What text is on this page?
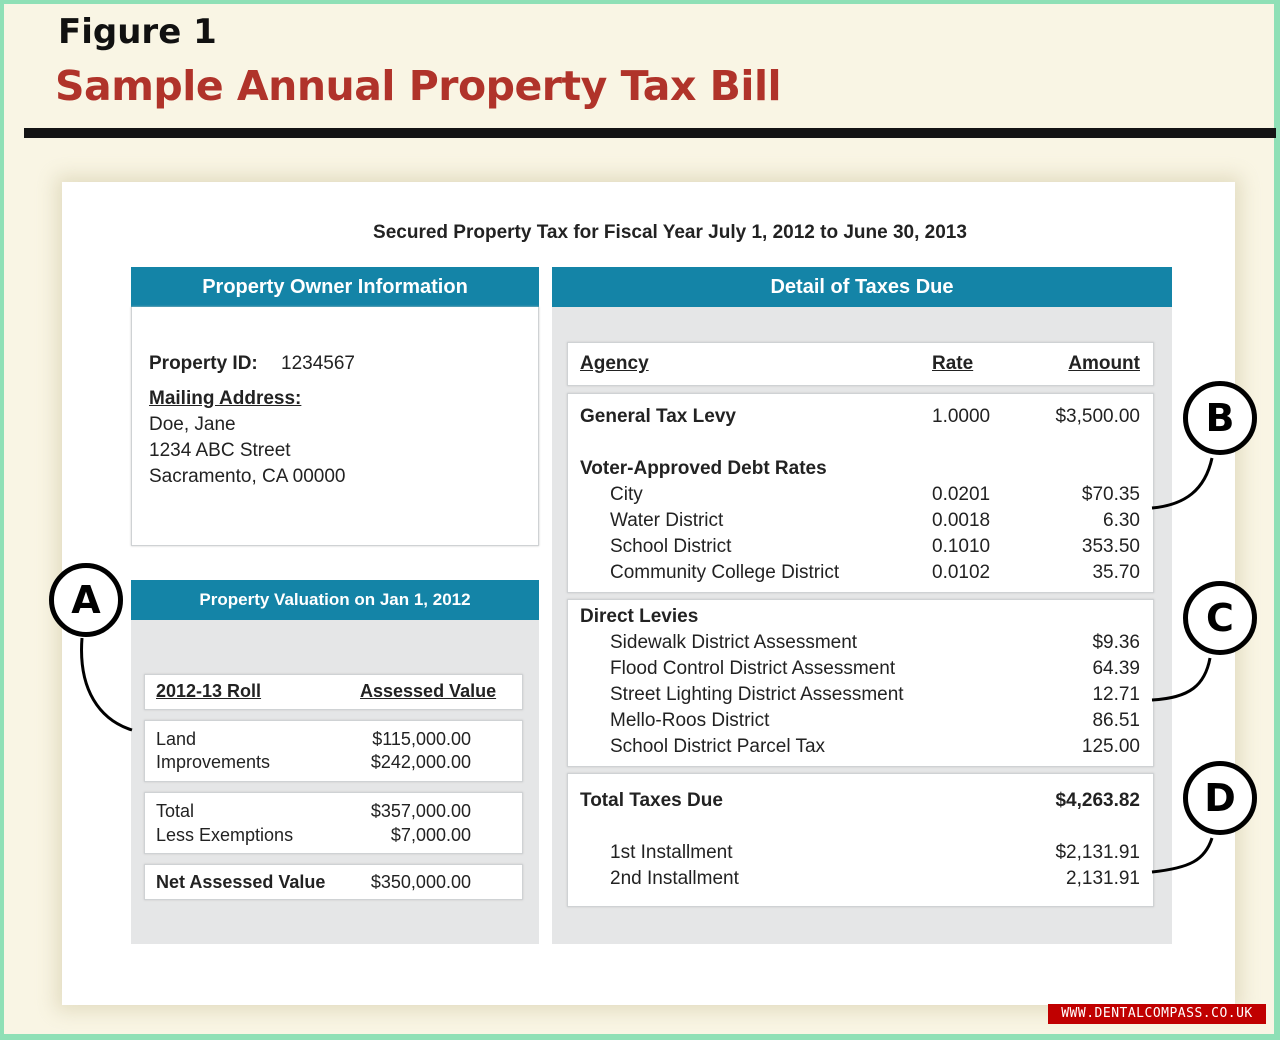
Figure 1
Sample Annual Property Tax Bill
Secured Property Tax for Fiscal Year July 1, 2012 to June 30, 2013
Property Owner Information
Property ID: 1234567
Mailing Address:
Doe, Jane
1234 ABC Street
Sacramento, CA 00000
Property Valuation on Jan 1, 2012
2012-13 Roll	Assessed Value
Land	$115,000.00
Improvements	$242,000.00
Total	$357,000.00
Less Exemptions	$7,000.00
Net Assessed Value	$350,000.00
Detail of Taxes Due
Agency	Rate	Amount
General Tax Levy	1.0000	$3,500.00
Voter-Approved Debt Rates
City	0.0201	$70.35
Water District	0.0018	6.30
School District	0.1010	353.50
Community College District	0.0102	35.70
Direct Levies
Sidewalk District Assessment	$9.36
Flood Control District Assessment	64.39
Street Lighting District Assessment	12.71
Mello-Roos District	86.51
School District Parcel Tax	125.00
Total Taxes Due	$4,263.82
1st Installment	$2,131.91
2nd Installment	2,131.91
A
B
C
D
WWW.DENTALCOMPASS.CO.UK
